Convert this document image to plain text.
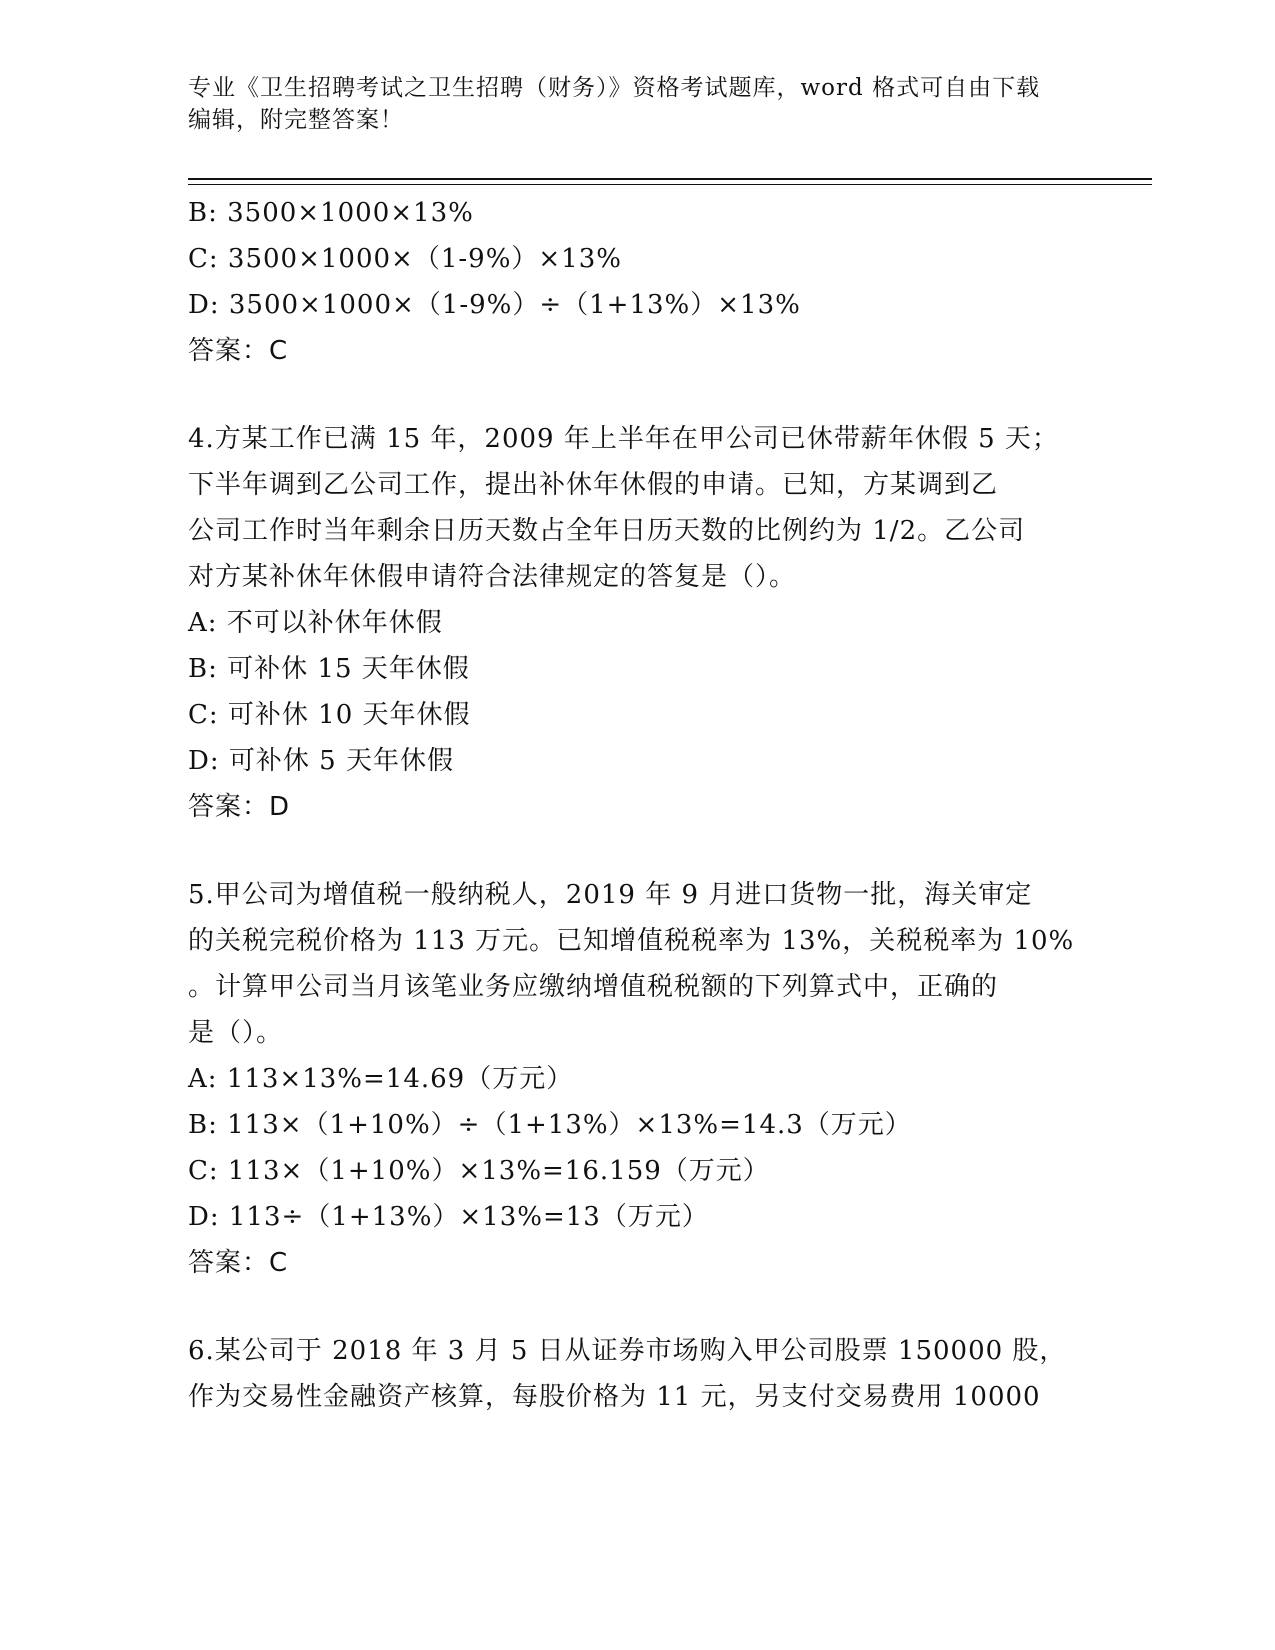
专业《卫生招聘考试之卫生招聘（财务）》资格考试题库，word 格式可自由下载
编辑，附完整答案！
B: 3500×1000×13%
C: 3500×1000×（1-9%）×13%
D: 3500×1000×（1-9%）÷（1+13%）×13%
答案：C
4.方某工作已满 15 年，2009 年上半年在甲公司已休带薪年休假 5 天；
下半年调到乙公司工作，提出补休年休假的申请。已知，方某调到乙
公司工作时当年剩余日历天数占全年日历天数的比例约为 1/2。乙公司
对方某补休年休假申请符合法律规定的答复是（）。
A: 不可以补休年休假
B: 可补休 15 天年休假
C: 可补休 10 天年休假
D: 可补休 5 天年休假
答案：D
5.甲公司为增值税一般纳税人，2019 年 9 月进口货物一批，海关审定
的关税完税价格为 113 万元。已知增值税税率为 13%，关税税率为 10%
。计算甲公司当月该笔业务应缴纳增值税税额的下列算式中，正确的
是（）。
A: 113×13%=14.69（万元）
B: 113×（1+10%）÷（1+13%）×13%=14.3（万元）
C: 113×（1+10%）×13%=16.159（万元）
D: 113÷（1+13%）×13%=13（万元）
答案：C
6.某公司于 2018 年 3 月 5 日从证券市场购入甲公司股票 150000 股，
作为交易性金融资产核算，每股价格为 11 元，另支付交易费用 10000
